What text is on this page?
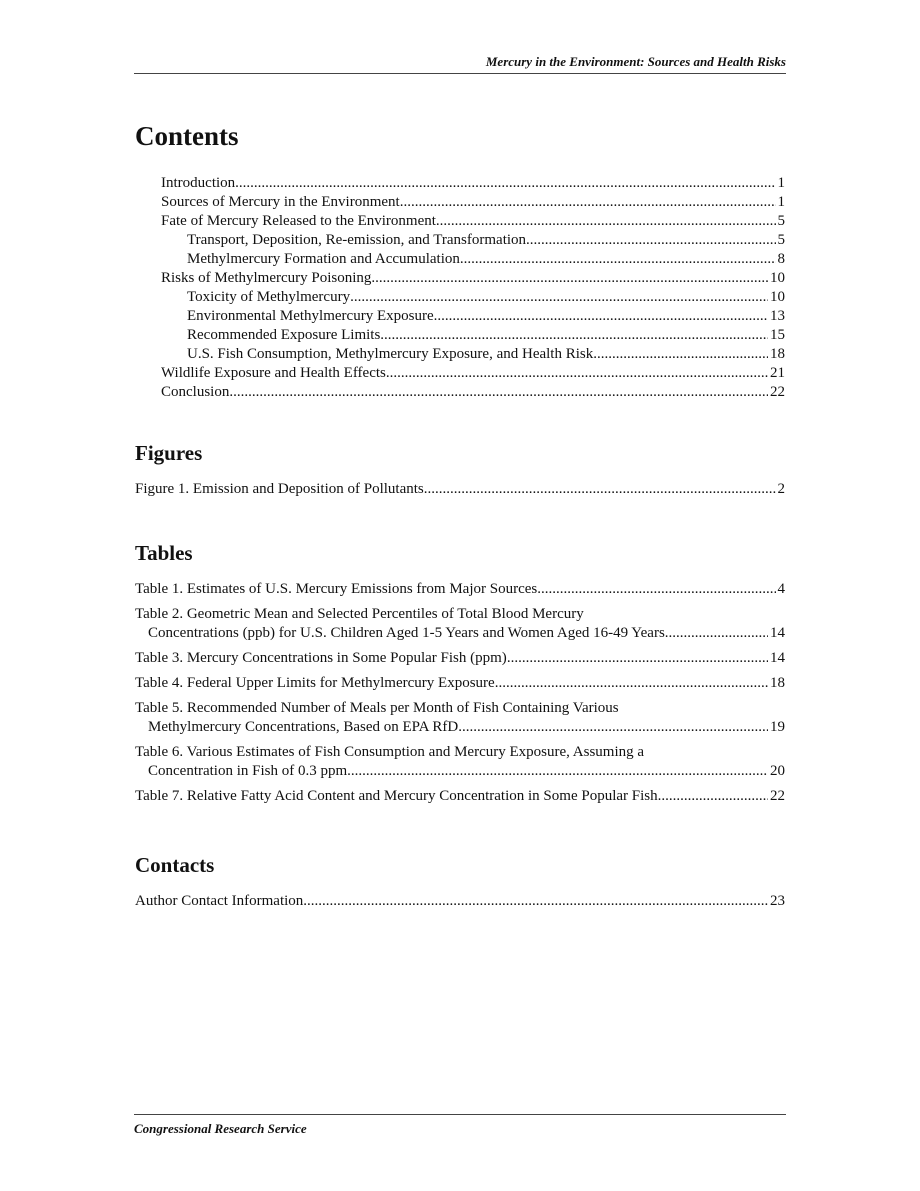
Mercury in the Environment: Sources and Health Risks
Contents
Introduction .....	1
Sources of Mercury in the Environment .....	1
Fate of Mercury Released to the Environment .....	5
Transport, Deposition, Re-emission, and Transformation .....	5
Methylmercury Formation and Accumulation .....	8
Risks of Methylmercury Poisoning .....	10
Toxicity of Methylmercury .....	10
Environmental Methylmercury Exposure .....	13
Recommended Exposure Limits .....	15
U.S. Fish Consumption, Methylmercury Exposure, and Health Risk .....	18
Wildlife Exposure and Health Effects .....	21
Conclusion .....	22
Figures
Figure 1. Emission and Deposition of Pollutants .....	2
Tables
Table 1. Estimates of U.S. Mercury Emissions from Major Sources .....	4
Table 2. Geometric Mean and Selected Percentiles of Total Blood Mercury
Concentrations (ppb) for U.S. Children Aged 1-5 Years and Women Aged 16-49 Years .....	14
Table 3. Mercury Concentrations in Some Popular Fish (ppm) .....	14
Table 4. Federal Upper Limits for Methylmercury Exposure .....	18
Table 5. Recommended Number of Meals per Month of Fish Containing Various
Methylmercury Concentrations, Based on EPA RfD .....	19
Table 6. Various Estimates of Fish Consumption and Mercury Exposure, Assuming a
Concentration in Fish of 0.3 ppm .....	20
Table 7. Relative Fatty Acid Content and Mercury Concentration in Some Popular Fish .....	22
Contacts
Author Contact Information .....	23
Congressional Research Service
